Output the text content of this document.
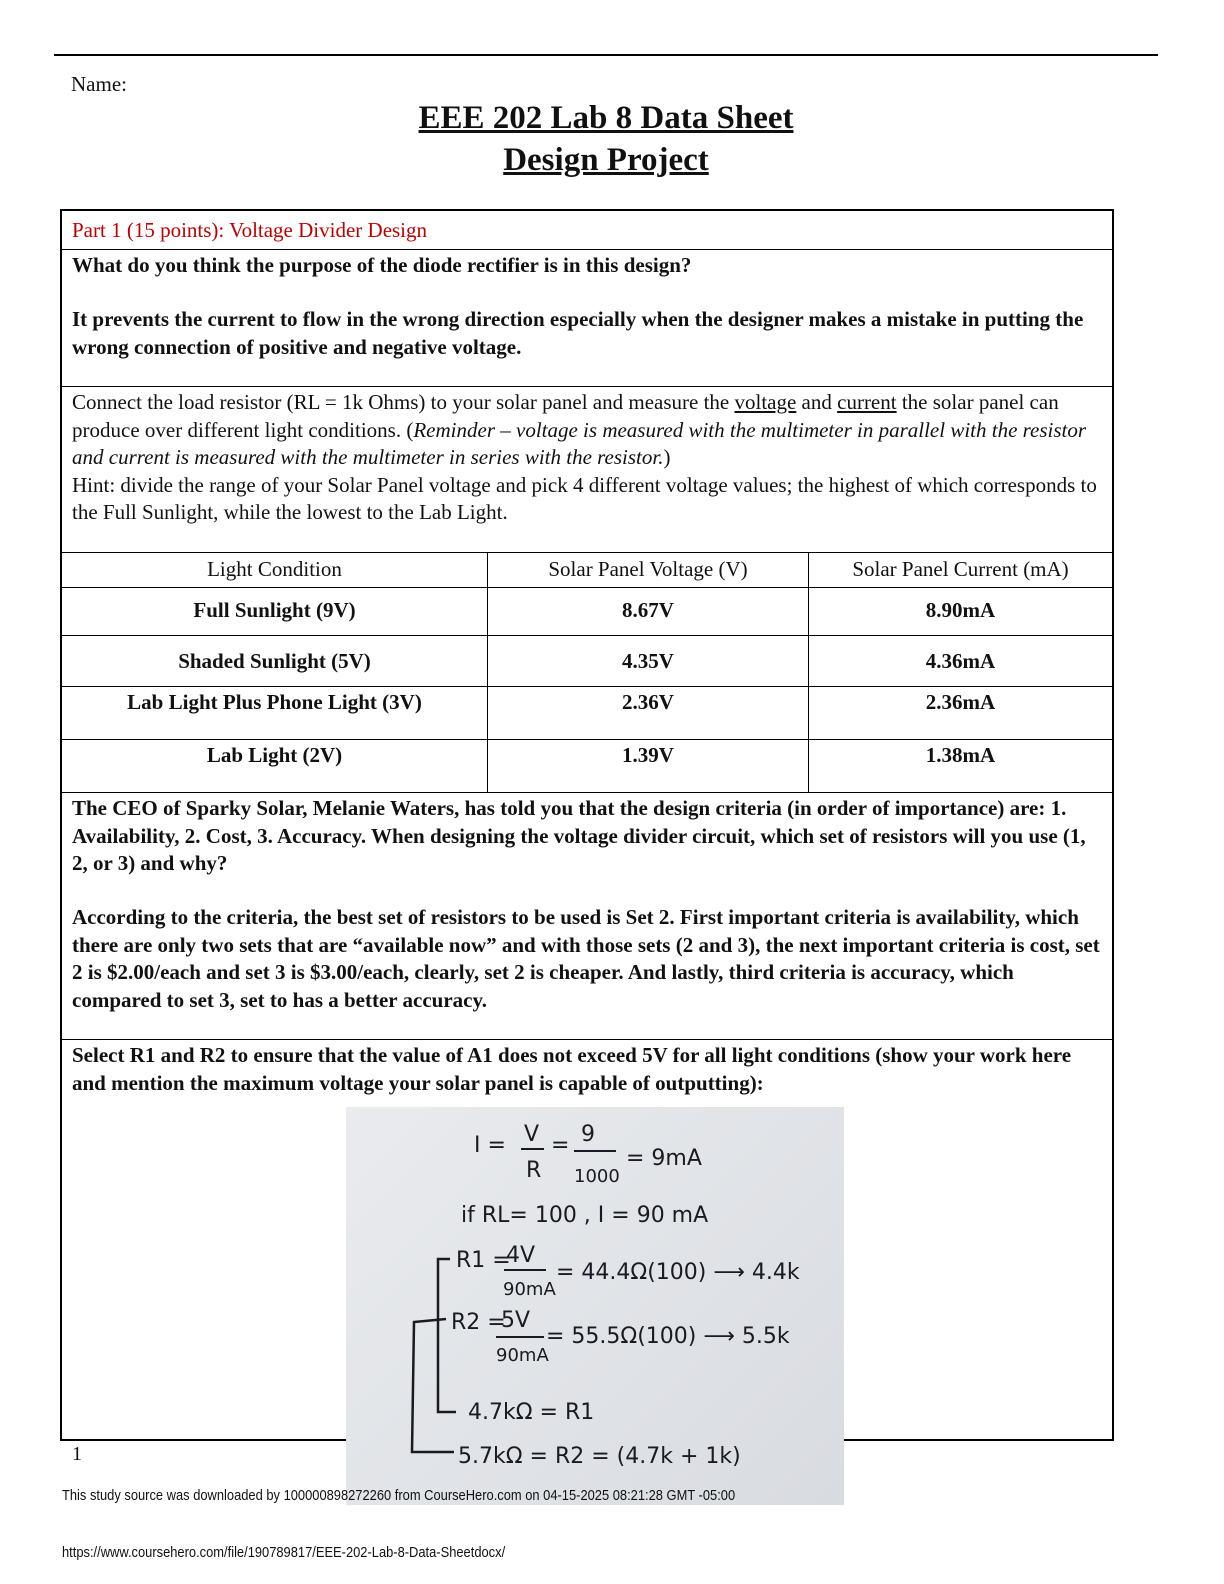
Name:
EEE 202 Lab 8 Data Sheet
Design Project
Part 1 (15 points): Voltage Divider Design
What do you think the purpose of the diode rectifier is in this design?
It prevents the current to flow in the wrong direction especially when the designer makes a mistake in putting the wrong connection of positive and negative voltage.
Connect the load resistor (RL = 1k Ohms) to your solar panel and measure the voltage and current the solar panel can produce over different light conditions. (Reminder – voltage is measured with the multimeter in parallel with the resistor and current is measured with the multimeter in series with the resistor.)
Hint: divide the range of your Solar Panel voltage and pick 4 different voltage values; the highest of which corresponds to the Full Sunlight, while the lowest to the Lab Light.
Light Condition	Solar Panel Voltage (V)	Solar Panel Current (mA)
Full Sunlight (9V)	8.67V	8.90mA
Shaded Sunlight (5V)	4.35V	4.36mA
Lab Light Plus Phone Light (3V)	2.36V	2.36mA
Lab Light (2V)	1.39V	1.38mA
The CEO of Sparky Solar, Melanie Waters, has told you that the design criteria (in order of importance) are: 1. Availability, 2. Cost, 3. Accuracy. When designing the voltage divider circuit, which set of resistors will you use (1, 2, or 3) and why?
According to the criteria, the best set of resistors to be used is Set 2. First important criteria is availability, which there are only two sets that are “available now” and with those sets (2 and 3), the next important criteria is cost, set 2 is $2.00/each and set 3 is $3.00/each, clearly, set 2 is cheaper. And lastly, third criteria is accuracy, which compared to set 3, set to has a better accuracy.
Select R1 and R2 to ensure that the value of A1 does not exceed 5V for all light conditions (show your work here and mention the maximum voltage your solar panel is capable of outputting):
I = V
R
= 9
1000
= 9mA
if RL= 100 , I = 90 mA
R1 =
4V
90mA
= 44.4Ω(100) ⟶ 4.4k
R2 =
5V
90mA
= 55.5Ω(100) ⟶ 5.5k
4.7kΩ = R1
5.7kΩ = R2 = (4.7k + 1k)
1
This study source was downloaded by 100000898272260 from CourseHero.com on 04-15-2025 08:21:28 GMT -05:00
https://www.coursehero.com/file/190789817/EEE-202-Lab-8-Data-Sheetdocx/
